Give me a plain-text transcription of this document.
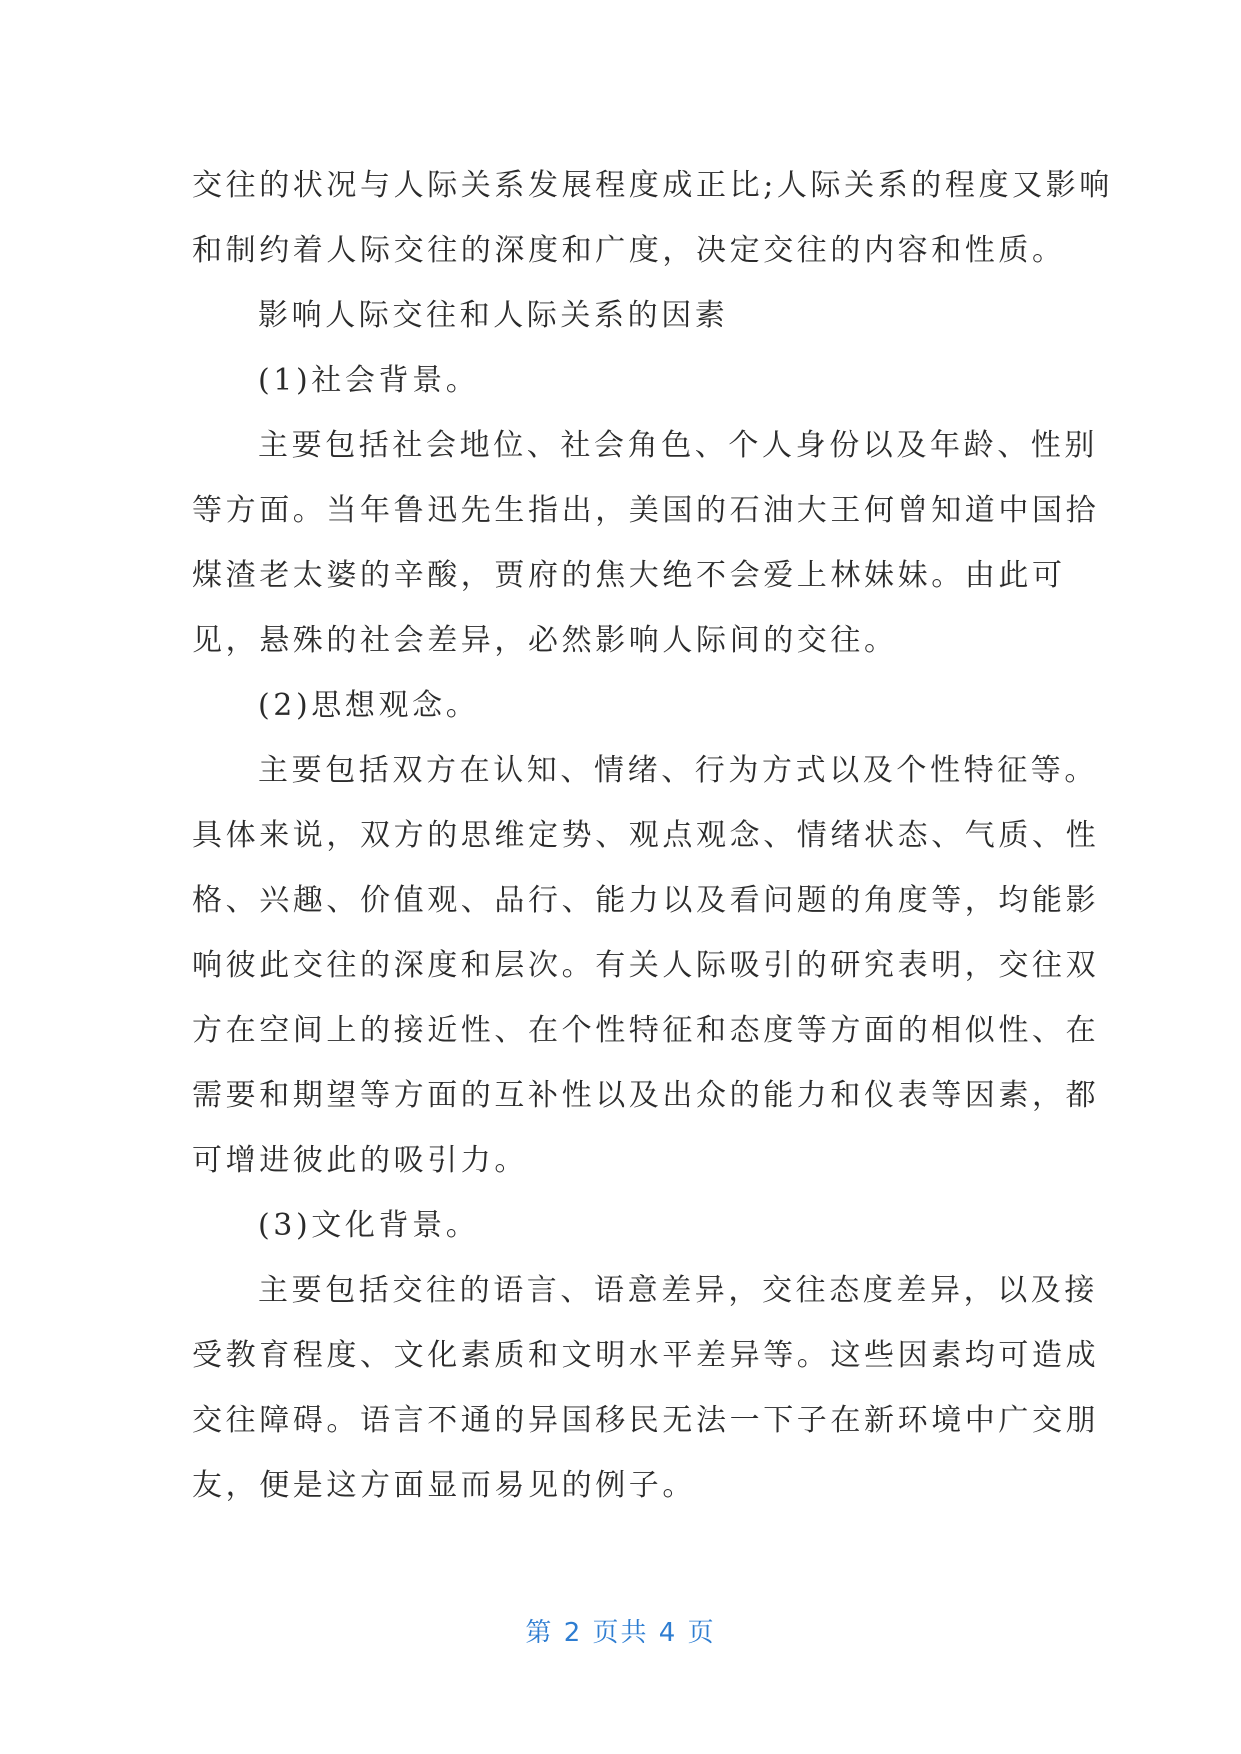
交往的状况与人际关系发展程度成正比;人际关系的程度又影响
和制约着人际交往的深度和广度，决定交往的内容和性质。
影响人际交往和人际关系的因素
(1)社会背景。
主要包括社会地位、社会角色、个人身份以及年龄、性别
等方面。当年鲁迅先生指出，美国的石油大王何曾知道中国拾
煤渣老太婆的辛酸，贾府的焦大绝不会爱上林妹妹。由此可
见，悬殊的社会差异，必然影响人际间的交往。
(2)思想观念。
主要包括双方在认知、情绪、行为方式以及个性特征等。
具体来说，双方的思维定势、观点观念、情绪状态、气质、性
格、兴趣、价值观、品行、能力以及看问题的角度等，均能影
响彼此交往的深度和层次。有关人际吸引的研究表明，交往双
方在空间上的接近性、在个性特征和态度等方面的相似性、在
需要和期望等方面的互补性以及出众的能力和仪表等因素，都
可增进彼此的吸引力。
(3)文化背景。
主要包括交往的语言、语意差异，交往态度差异，以及接
受教育程度、文化素质和文明水平差异等。这些因素均可造成
交往障碍。语言不通的异国移民无法一下子在新环境中广交朋
友，便是这方面显而易见的例子。
第 2 页共 4 页
